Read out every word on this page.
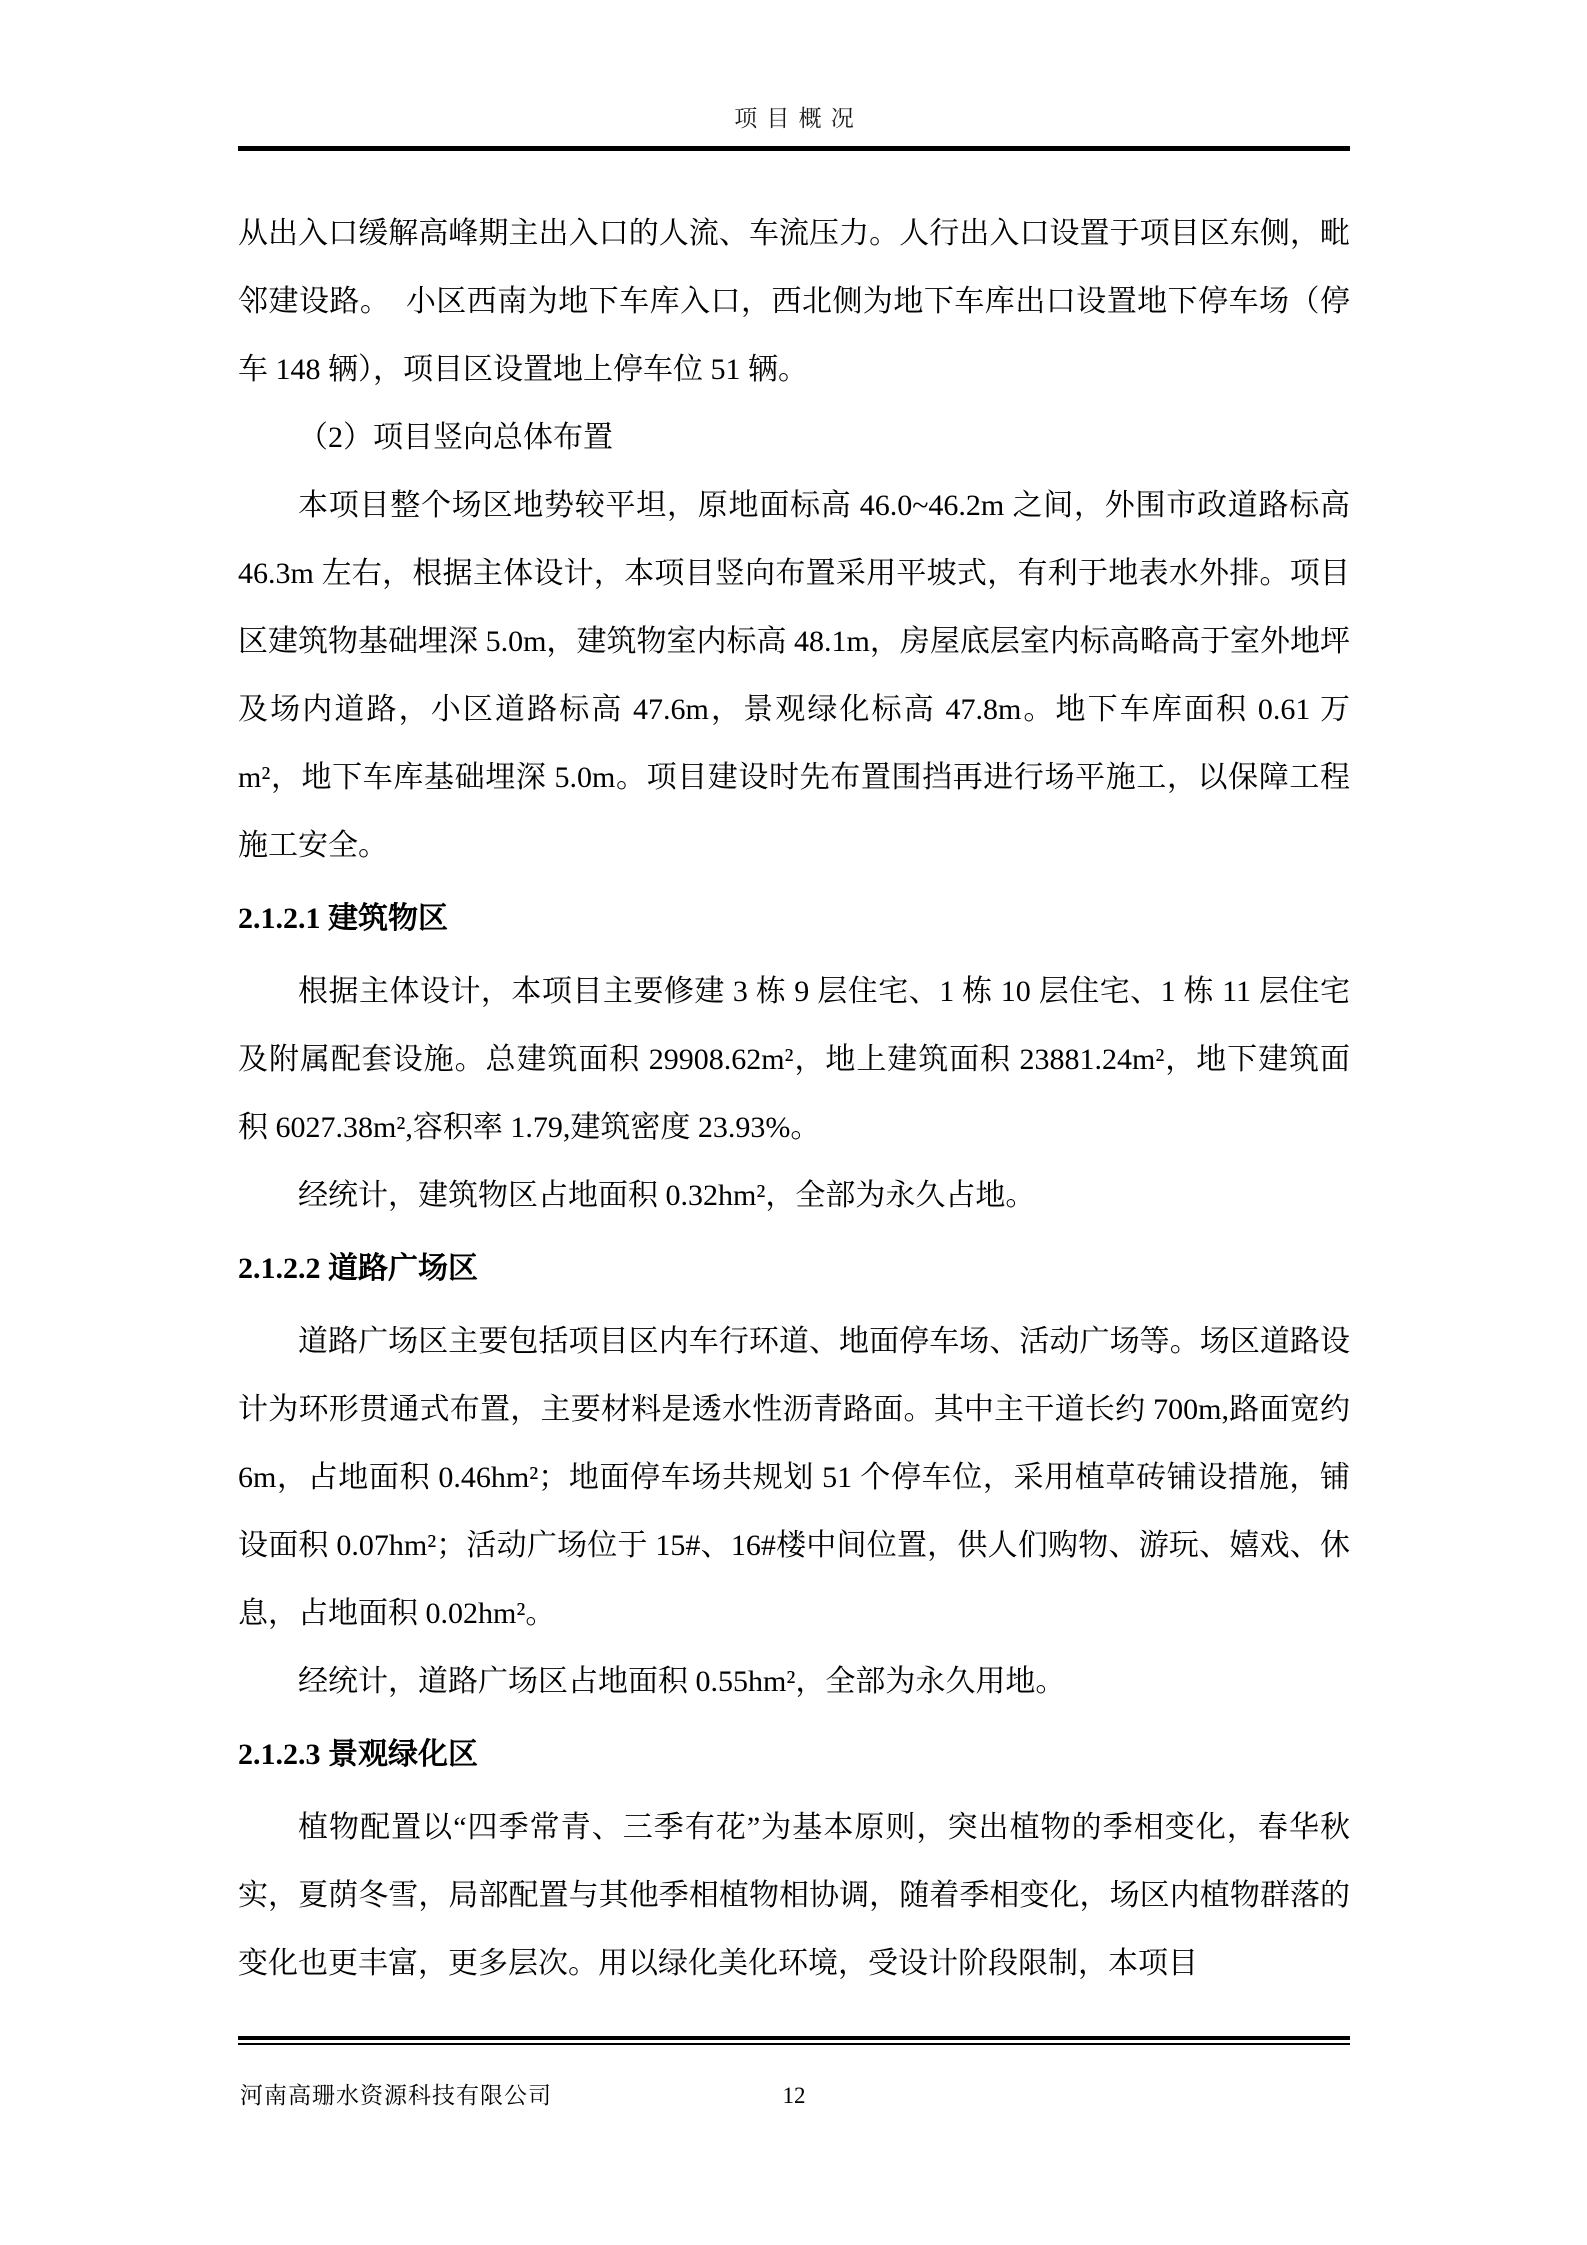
项目概况

从出入口缓解高峰期主出入口的人流、车流压力。人行出入口设置于项目区东侧，毗邻建设路。　小区西南为地下车库入口，西北侧为地下车库出口设置地下停车场（停车 148 辆），项目区设置地上停车位 51 辆。

（2）项目竖向总体布置

本项目整个场区地势较平坦，原地面标高 46.0~46.2m 之间，外围市政道路标高 46.3m 左右，根据主体设计，本项目竖向布置采用平坡式，有利于地表水外排。项目区建筑物基础埋深 5.0m，建筑物室内标高 48.1m，房屋底层室内标高略高于室外地坪及场内道路，小区道路标高 47.6m，景观绿化标高 47.8m。地下车库面积 0.61 万 m²，地下车库基础埋深 5.0m。项目建设时先布置围挡再进行场平施工，以保障工程施工安全。

2.1.2.1 建筑物区

根据主体设计，本项目主要修建 3 栋 9 层住宅、1 栋 10 层住宅、1 栋 11 层住宅及附属配套设施。总建筑面积 29908.62m²，地上建筑面积 23881.24m²，地下建筑面积 6027.38m²,容积率 1.79,建筑密度 23.93%。

经统计，建筑物区占地面积 0.32hm²，全部为永久占地。

2.1.2.2 道路广场区

道路广场区主要包括项目区内车行环道、地面停车场、活动广场等。场区道路设计为环形贯通式布置，主要材料是透水性沥青路面。其中主干道长约 700m,路面宽约 6m，占地面积 0.46hm²；地面停车场共规划 51 个停车位，采用植草砖铺设措施，铺设面积 0.07hm²；活动广场位于 15#、16#楼中间位置，供人们购物、游玩、嬉戏、休息，占地面积 0.02hm²。

经统计，道路广场区占地面积 0.55hm²，全部为永久用地。

2.1.2.3 景观绿化区

植物配置以“四季常青、三季有花”为基本原则，突出植物的季相变化，春华秋实，夏荫冬雪，局部配置与其他季相植物相协调，随着季相变化，场区内植物群落的变化也更丰富，更多层次。用以绿化美化环境，受设计阶段限制，本项目

河南高珊水资源科技有限公司	12
